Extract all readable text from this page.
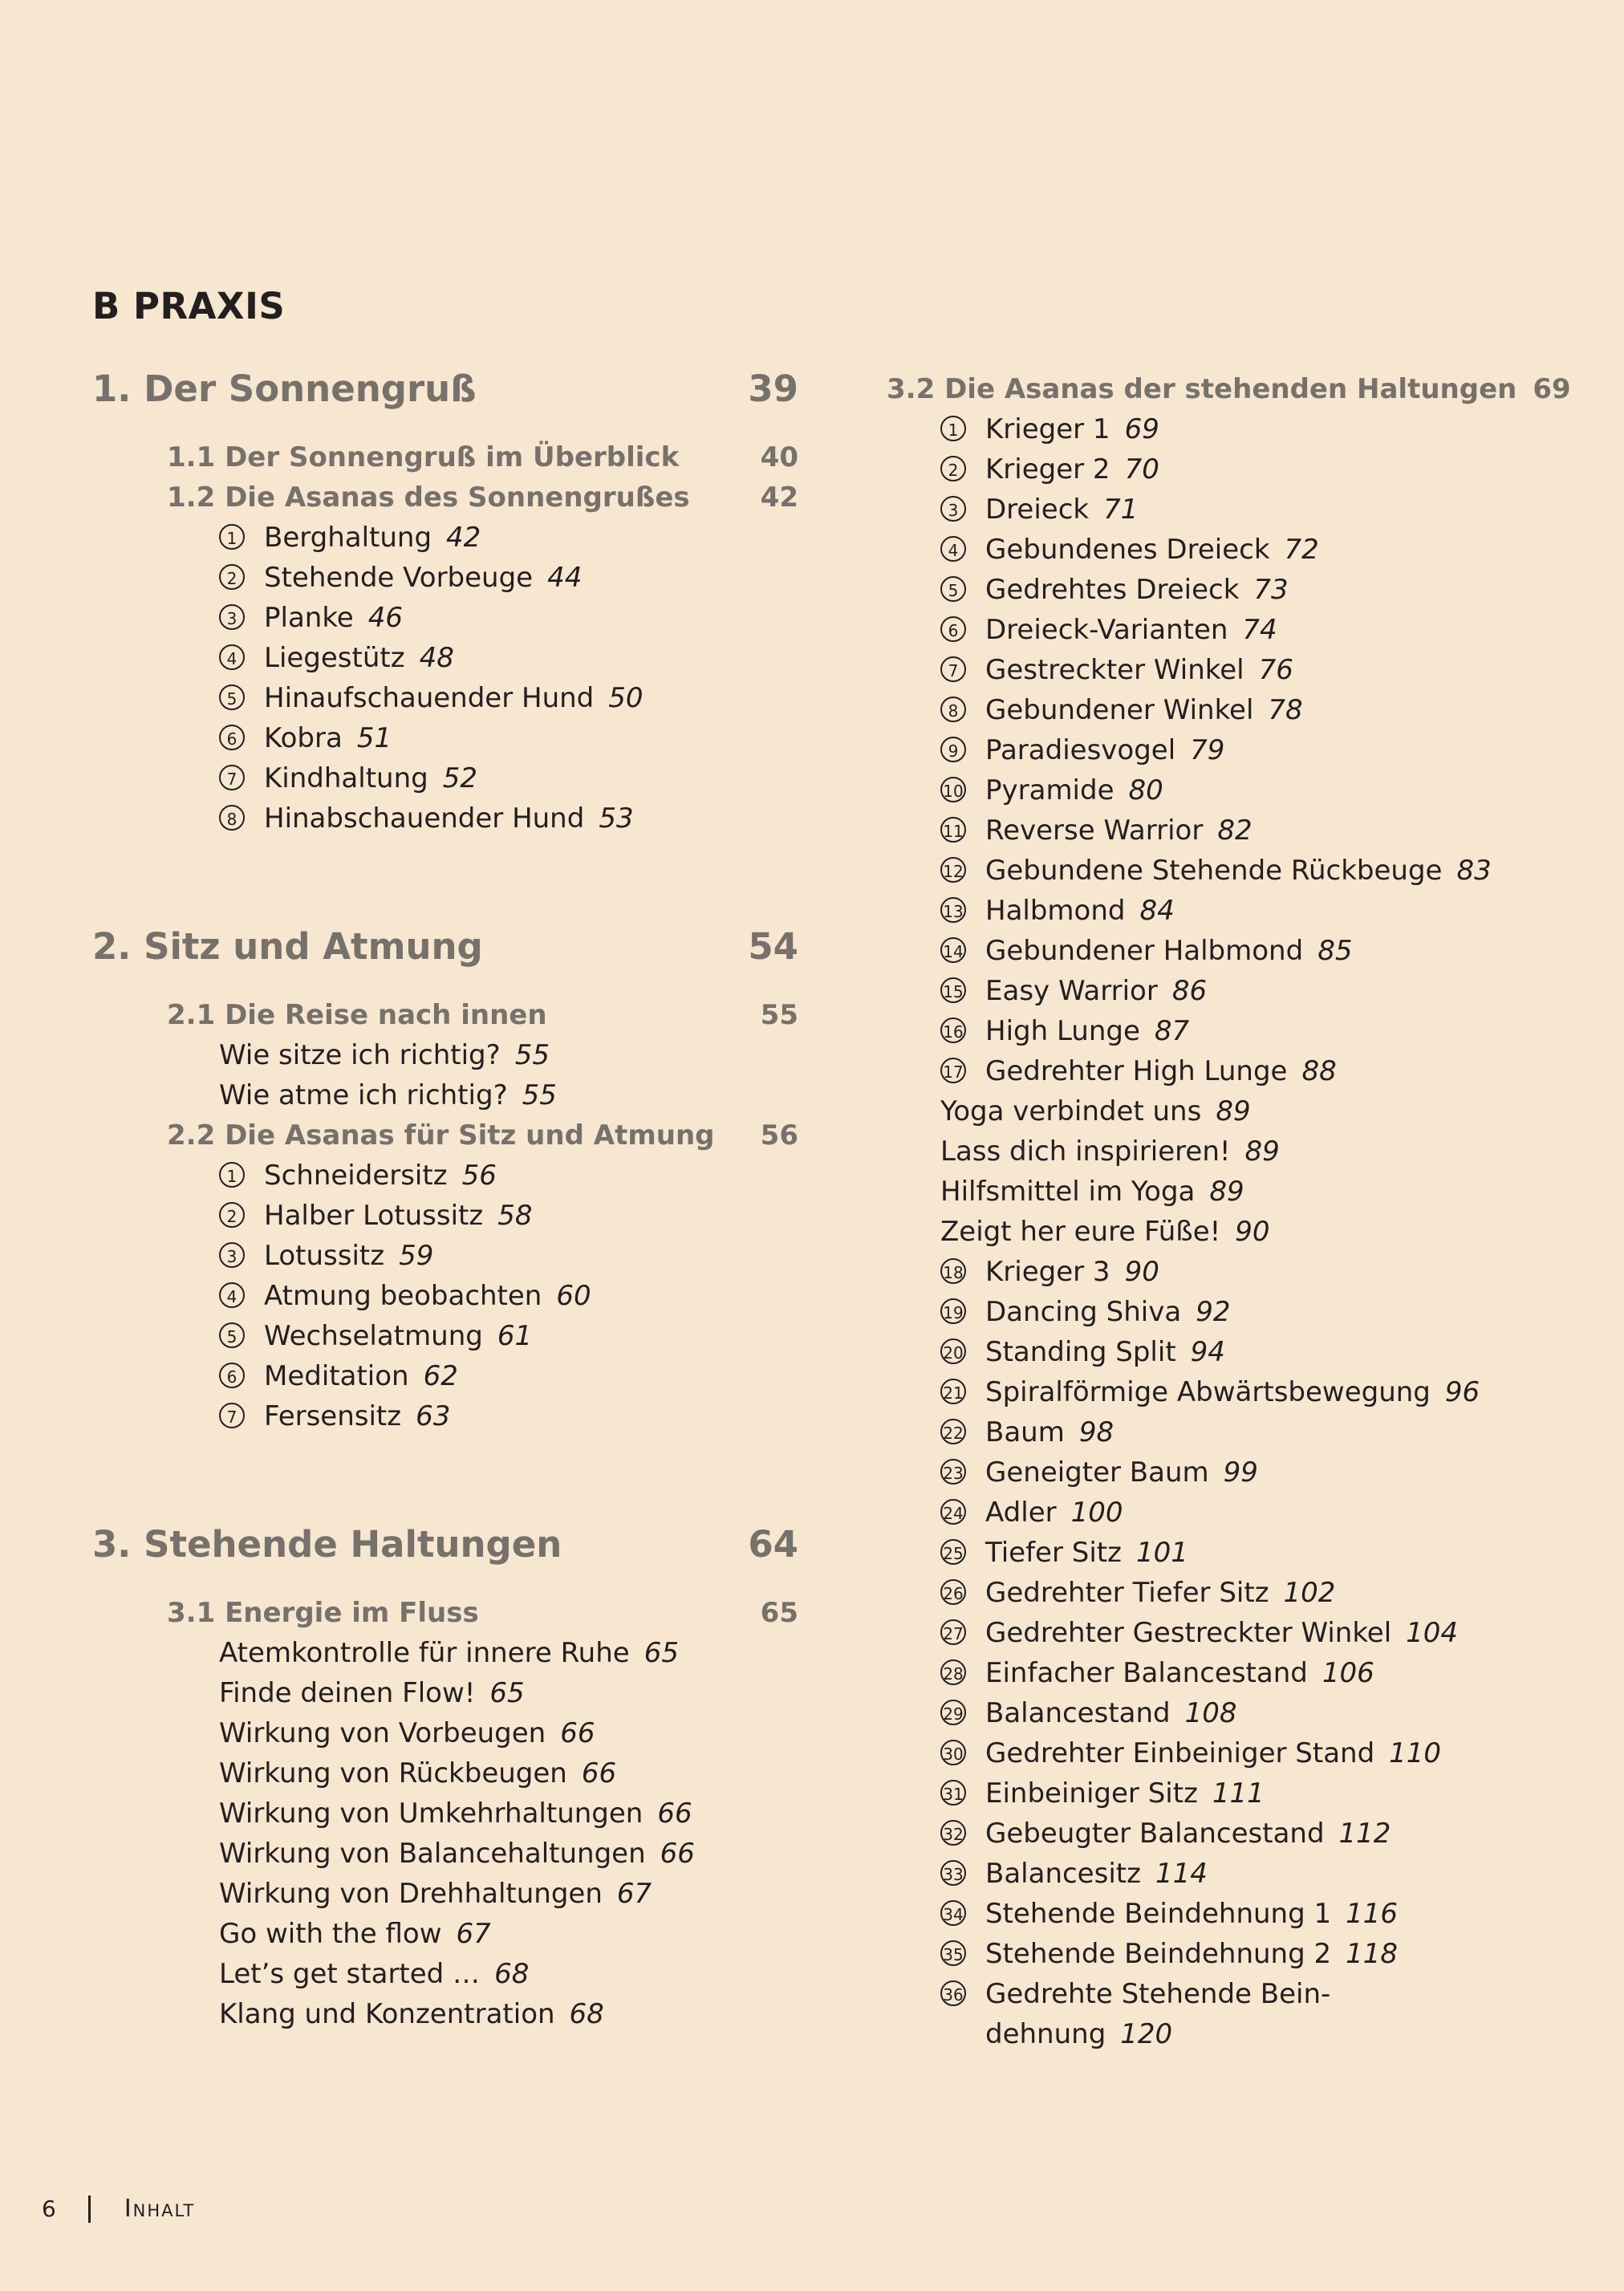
B PRAXIS
1. Der Sonnengruß	39
1.1 Der Sonnengruß im Überblick	40
1.2 Die Asanas des Sonnengrußes	42
1 Berghaltung 42
2 Stehende Vorbeuge 44
3 Planke 46
4 Liegestütz 48
5 Hinaufschauender Hund 50
6 Kobra 51
7 Kindhaltung 52
8 Hinabschauender Hund 53
2. Sitz und Atmung	54
2.1 Die Reise nach innen	55
Wie sitze ich richtig? 55
Wie atme ich richtig? 55
2.2 Die Asanas für Sitz und Atmung 56
1 Schneidersitz 56
2 Halber Lotussitz 58
3 Lotussitz 59
4 Atmung beobachten 60
5 Wechselatmung 61
6 Meditation 62
7 Fersensitz 63
3. Stehende Haltungen	64
3.1 Energie im Fluss	65
Atemkontrolle für innere Ruhe 65
Finde deinen Flow! 65
Wirkung von Vorbeugen 66
Wirkung von Rückbeugen 66
Wirkung von Umkehrhaltungen 66
Wirkung von Balancehaltungen 66
Wirkung von Drehhaltungen 67
Go with the flow 67
Let’s get started … 68
Klang und Konzentration 68
3.2 Die Asanas der stehenden Haltungen 69
1 Krieger 1 69
2 Krieger 2 70
3 Dreieck 71
4 Gebundenes Dreieck 72
5 Gedrehtes Dreieck 73
6 Dreieck-Varianten 74
7 Gestreckter Winkel 76
8 Gebundener Winkel 78
9 Paradiesvogel 79
10 Pyramide 80
11 Reverse Warrior 82
12 Gebundene Stehende Rückbeuge 83
13 Halbmond 84
14 Gebundener Halbmond 85
15 Easy Warrior 86
16 High Lunge 87
17 Gedrehter High Lunge 88
Yoga verbindet uns 89
Lass dich inspirieren! 89
Hilfsmittel im Yoga 89
Zeigt her eure Füße! 90
18 Krieger 3 90
19 Dancing Shiva 92
20 Standing Split 94
21 Spiralförmige Abwärtsbewegung 96
22 Baum 98
23 Geneigter Baum 99
24 Adler 100
25 Tiefer Sitz 101
26 Gedrehter Tiefer Sitz 102
27 Gedrehter Gestreckter Winkel 104
28 Einfacher Balancestand 106
29 Balancestand 108
30 Gedrehter Einbeiniger Stand 110
31 Einbeiniger Sitz 111
32 Gebeugter Balancestand 112
33 Balancesitz 114
34 Stehende Beindehnung 1 116
35 Stehende Beindehnung 2 118
36 Gedrehte Stehende Bein-
dehnung 120
6	Inhalt
